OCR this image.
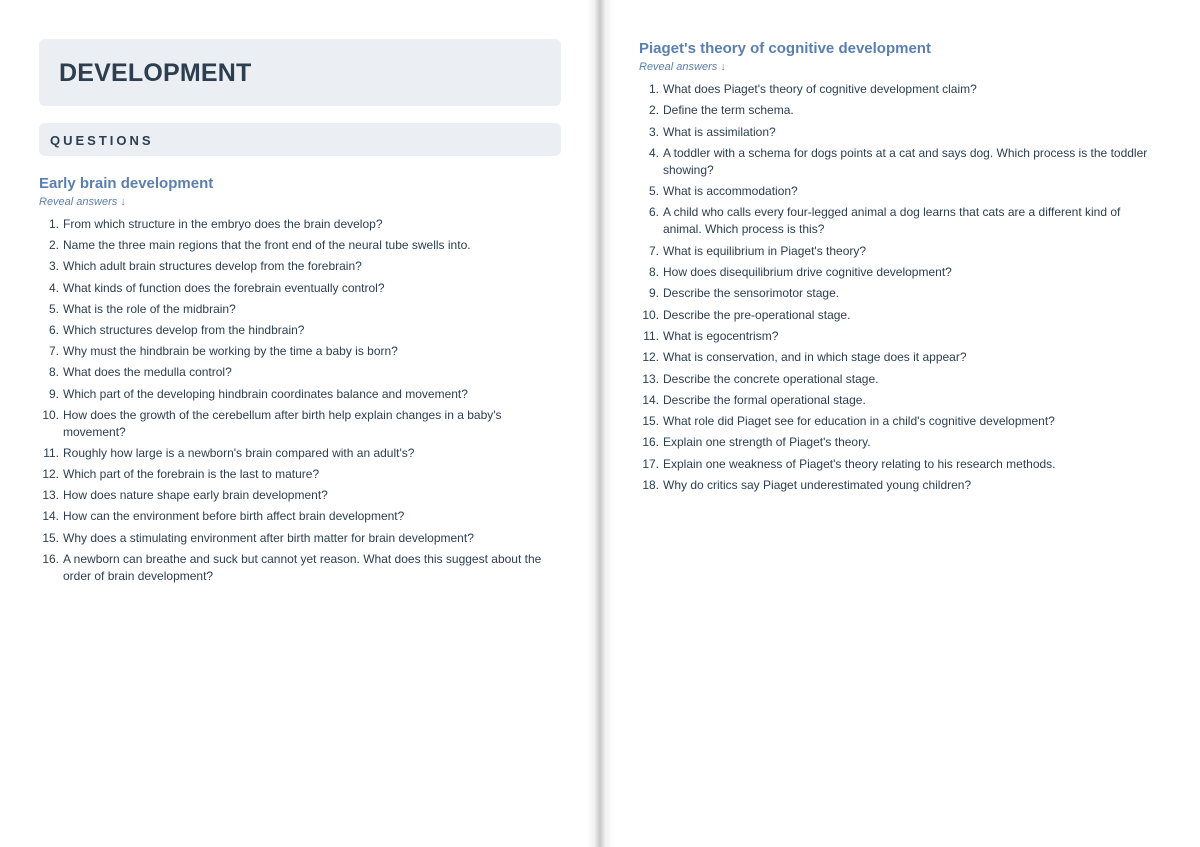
DEVELOPMENT
QUESTIONS
Early brain development
Reveal answers ↓
1. From which structure in the embryo does the brain develop?
2. Name the three main regions that the front end of the neural tube swells into.
3. Which adult brain structures develop from the forebrain?
4. What kinds of function does the forebrain eventually control?
5. What is the role of the midbrain?
6. Which structures develop from the hindbrain?
7. Why must the hindbrain be working by the time a baby is born?
8. What does the medulla control?
9. Which part of the developing hindbrain coordinates balance and movement?
10. How does the growth of the cerebellum after birth help explain changes in a baby's movement?
11. Roughly how large is a newborn's brain compared with an adult's?
12. Which part of the forebrain is the last to mature?
13. How does nature shape early brain development?
14. How can the environment before birth affect brain development?
15. Why does a stimulating environment after birth matter for brain development?
16. A newborn can breathe and suck but cannot yet reason. What does this suggest about the order of brain development?
Piaget's theory of cognitive development
Reveal answers ↓
1. What does Piaget's theory of cognitive development claim?
2. Define the term schema.
3. What is assimilation?
4. A toddler with a schema for dogs points at a cat and says dog. Which process is the toddler showing?
5. What is accommodation?
6. A child who calls every four-legged animal a dog learns that cats are a different kind of animal. Which process is this?
7. What is equilibrium in Piaget's theory?
8. How does disequilibrium drive cognitive development?
9. Describe the sensorimotor stage.
10. Describe the pre-operational stage.
11. What is egocentrism?
12. What is conservation, and in which stage does it appear?
13. Describe the concrete operational stage.
14. Describe the formal operational stage.
15. What role did Piaget see for education in a child's cognitive development?
16. Explain one strength of Piaget's theory.
17. Explain one weakness of Piaget's theory relating to his research methods.
18. Why do critics say Piaget underestimated young children?
